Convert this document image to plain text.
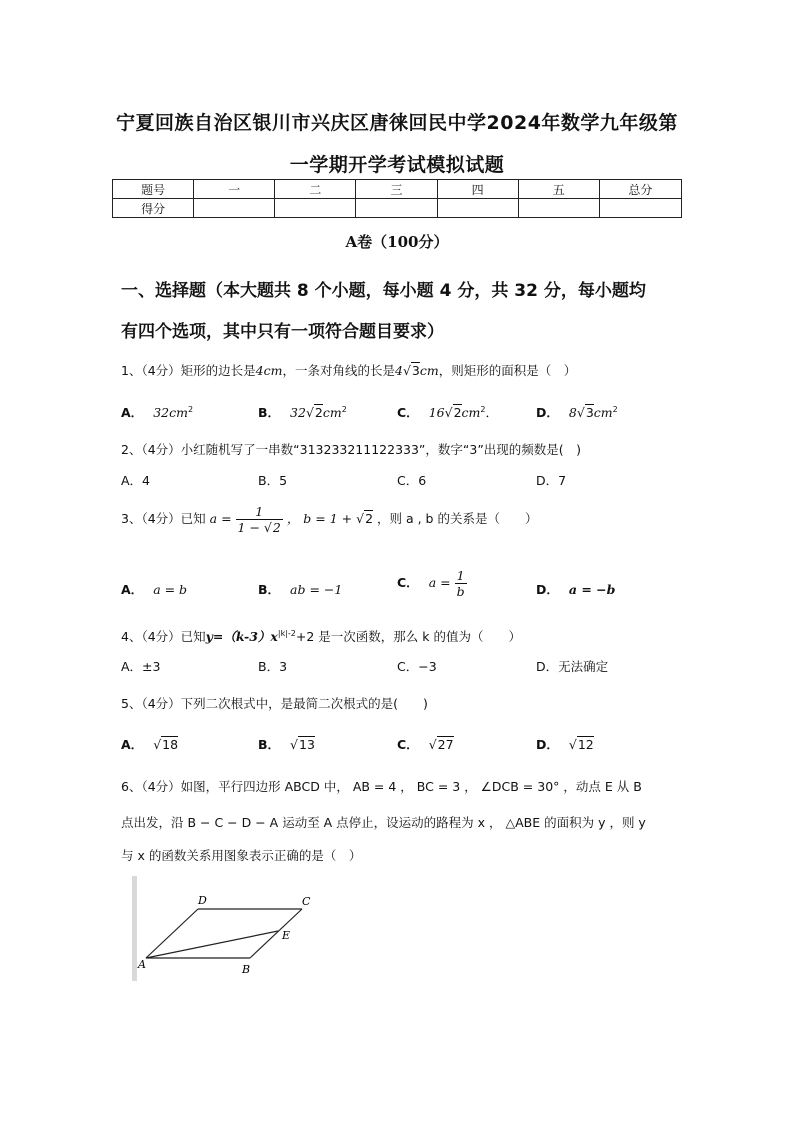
宁夏回族自治区银川市兴庆区唐徕回民中学2024年数学九年级第
一学期开学考试模拟试题
题号	一	二	三	四	五	总分
得分						
A卷（100分）
一、选择题（本大题共 8 个小题，每小题 4 分，共 32 分，每小题均
有四个选项，其中只有一项符合题目要求）
1、（4分）矩形的边长是4cm，一条对角线的长是4√3cm，则矩形的面积是（　）
A． $32cm^2$	B． $32√2cm^2$	C． $16√2cm^2$．	D． $8√3cm^2$
2、（4分）小红随机写了一串数“313233211122333”，数字“3”出现的频数是(　)
A．4	B．5	C．6	D．7
3、（4分）已知 $a = \frac{1}{1 - √2}$ ， b = 1 + √2 ，则 a , b 的关系是（　　）
A． a = b	B． ab = −1	C． $a = \frac{1}{b}$	D． a = −b
4、（4分）已知$y=(k-3)x^{|k|-2}+2$ 是一次函数，那么 k 的值为（　　）
A．±3	B．3	C．−3	D．无法确定
5、（4分）下列二次根式中，是最简二次根式的是(　　)
A． √18	B． √13	C． √27	D． √12
6、（4分）如图，平行四边形 ABCD 中， AB = 4 ， BC = 3 ， ∠DCB = 30° ，动点 E 从 B
点出发，沿 B − C − D − A 运动至 A 点停止，设运动的路程为 x ， △ABE 的面积为 y ，则 y
与 x 的函数关系用图象表示正确的是（　）
A	B
C
D
E
